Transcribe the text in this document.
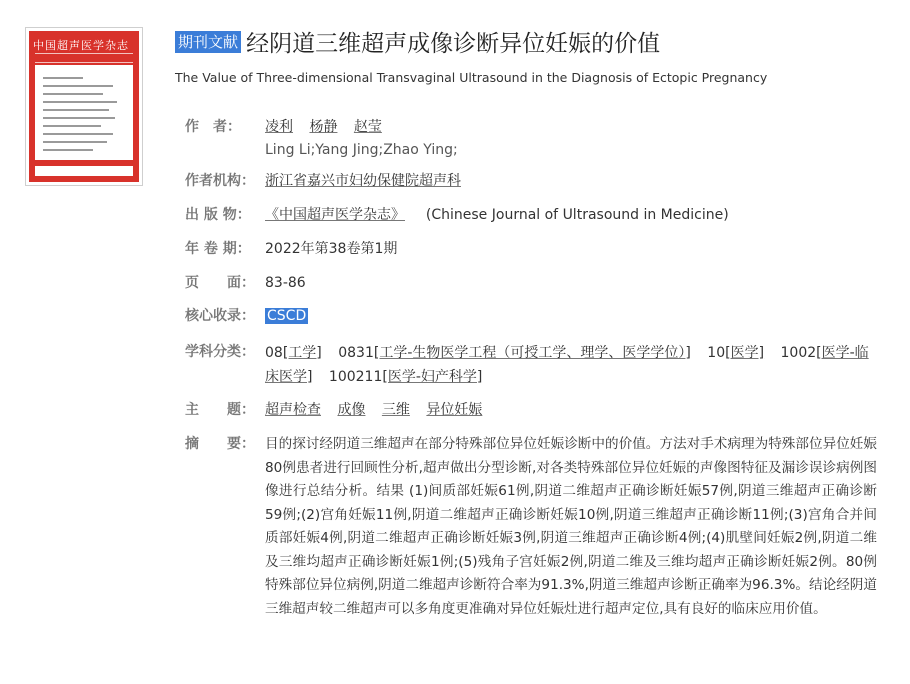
中国超声医学杂志	期刊文献 经阴道三维超声成像诊断异位妊娠的价值
The Value of Three-dimensional Transvaginal Ultrasound in the Diagnosis of Ectopic Pregnancy
作　者：	凌利 杨静 赵莹
Ling Li;Yang Jing;Zhao Ying;
作者机构： 浙江省嘉兴市妇幼保健院超声科
出 版 物：	《中国超声医学杂志》 (Chinese Journal of Ultrasound in Medicine)
年 卷 期：	2022年第38卷第1期
页　　面： 83-86
核心收录： CSCD
学科分类： 08[工学] 0831[工学-生物医学工程（可授工学、理学、医学学位）] 10[医学] 1002[医学-临床医学] 100211[医学-妇产科学]
主　　题： 超声检查 成像 三维 异位妊娠
摘　　要： 目的探讨经阴道三维超声在部分特殊部位异位妊娠诊断中的价值。方法对手术病理为特殊部位异位妊娠80例患者进行回顾性分析,超声做出分型诊断,对各类特殊部位异位妊娠的声像图特征及漏诊误诊病例图像进行总结分析。结果 (1)间质部妊娠61例,阴道二维超声正确诊断妊娠57例,阴道三维超声正确诊断59例;(2)宫角妊娠11例,阴道二维超声正确诊断妊娠10例,阴道三维超声正确诊断11例;(3)宫角合并间质部妊娠4例,阴道二维超声正确诊断妊娠3例,阴道三维超声正确诊断4例;(4)肌壁间妊娠2例,阴道二维及三维均超声正确诊断妊娠1例;(5)残角子宫妊娠2例,阴道二维及三维均超声正确诊断妊娠2例。80例特殊部位异位病例,阴道二维超声诊断符合率为91.3%,阴道三维超声诊断正确率为96.3%。结论经阴道三维超声较二维超声可以多角度更准确对异位妊娠灶进行超声定位,具有良好的临床应用价值。
